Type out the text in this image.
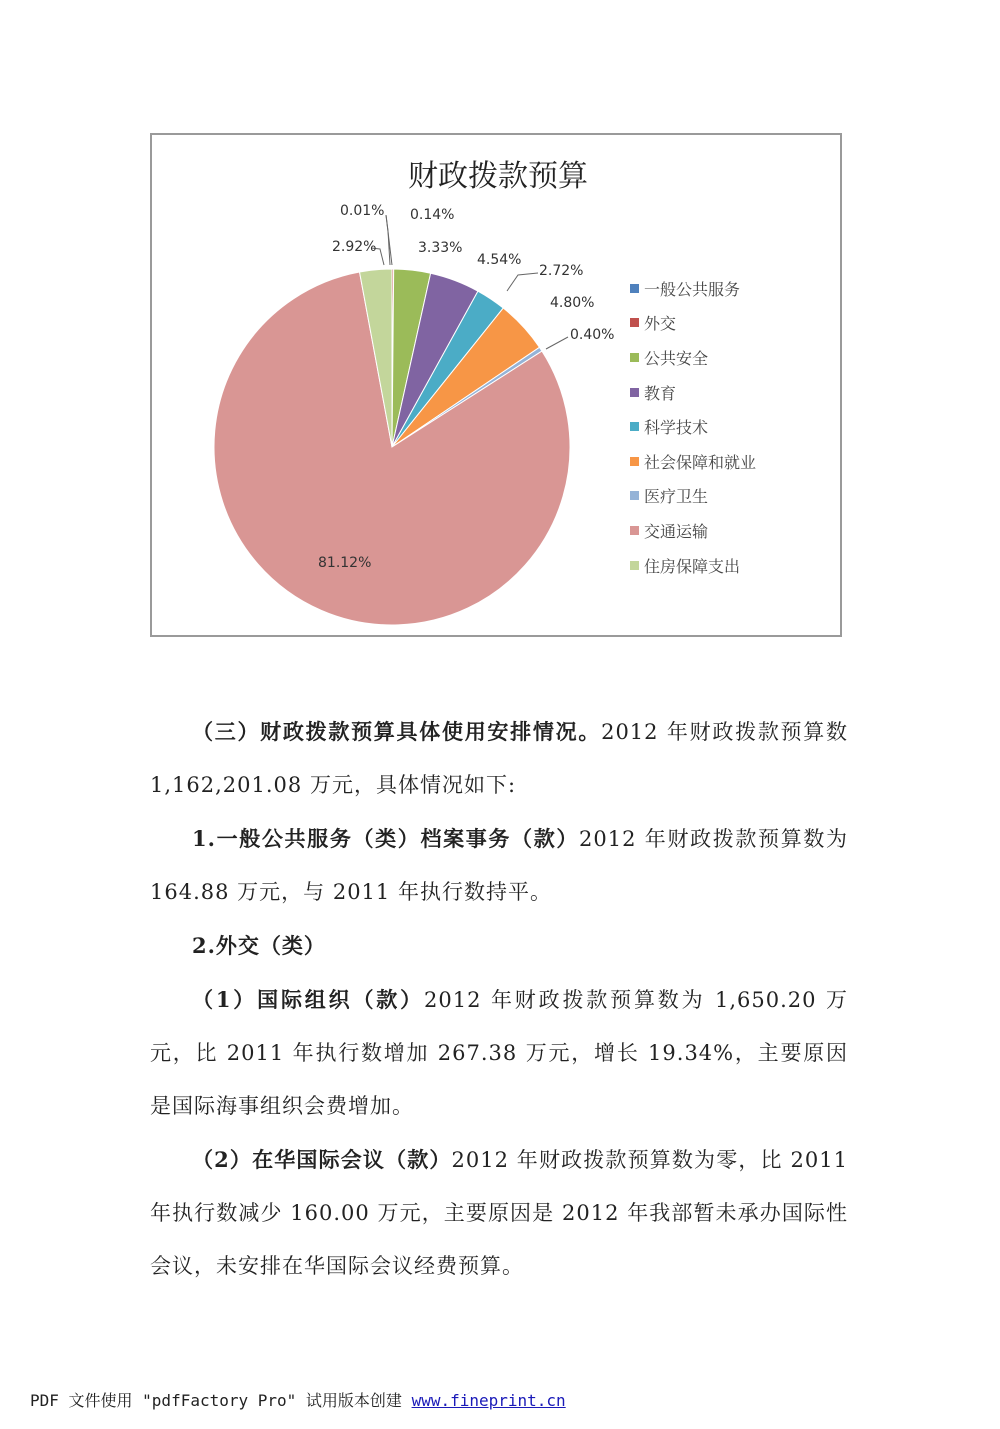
0.01% 0.14%
3.33%
4.54%
2.72%
4.80%
0.40%
81.12%
2.92%
财政拨款预算
一般公共服务
外交
公共安全
教育
科学技术
社会保障和就业
医疗卫生
交通运输
住房保障支出

（三）财政拨款预算具体使用安排情况。2012 年财政拨款预算数 1,162,201.08 万元，具体情况如下:

1.一般公共服务（类）档案事务（款）2012 年财政拨款预算数为 164.88 万元，与 2011 年执行数持平。

2.外交（类）

（1）国际组织（款）2012 年财政拨款预算数为 1,650.20 万元，比 2011 年执行数增加 267.38 万元，增长 19.34%，主要原因是国际海事组织会费增加。

（2）在华国际会议（款）2012 年财政拨款预算数为零，比 2011 年执行数减少 160.00 万元，主要原因是 2012 年我部暂未承办国际性会议，未安排在华国际会议经费预算。

PDF 文件使用 "pdfFactory Pro" 试用版本创建 www.fineprint.cn
